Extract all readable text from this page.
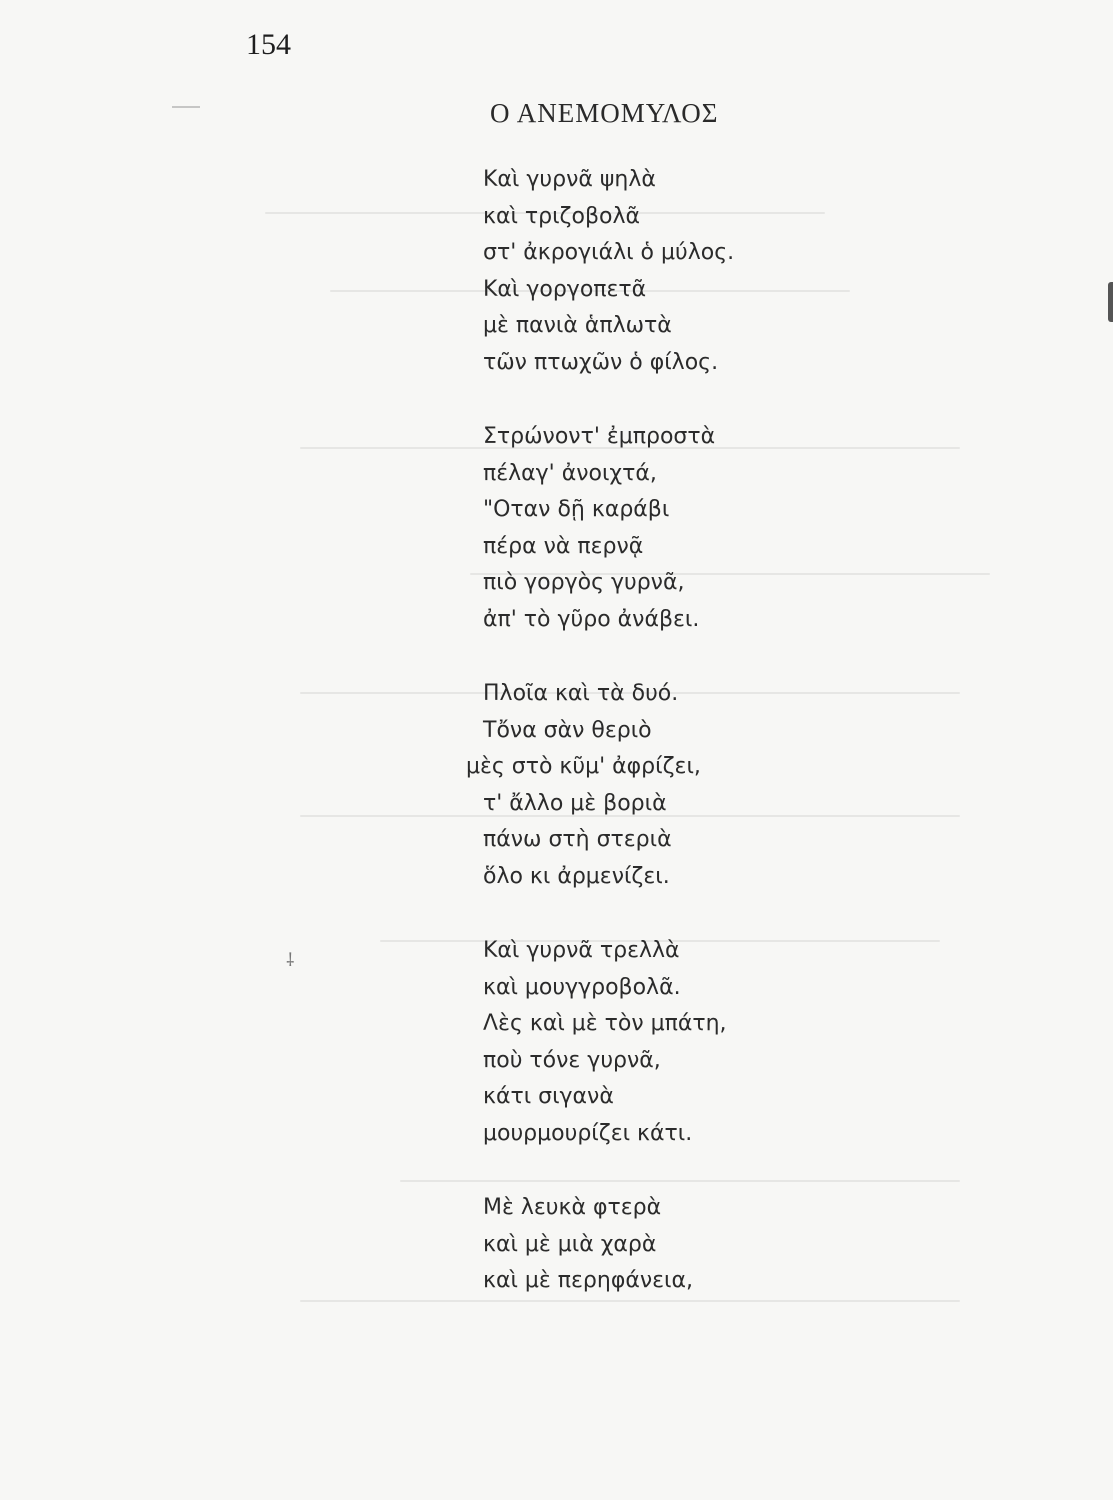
⸸
154
Ο ΑΝΕΜΟΜΥΛΟΣ
Καὶ γυρνᾶ ψηλὰ
καὶ τριζοβολᾶ
στ' ἀκρογιάλι ὁ μύλος.
Καὶ γοργοπετᾶ
μὲ πανιὰ ἁπλωτὰ
τῶν πτωχῶν ὁ φίλος.
Στρώνοντ' ἐμπροστὰ
πέλαγ' ἀνοιχτά,
"Οταν δῇ καράβι
πέρα νὰ περνᾷ
πιὸ γοργὸς γυρνᾶ,
ἀπ' τὸ γῦρο ἀνάβει.
Πλοῖα καὶ τὰ δυό.
Τὄνα σὰν θεριὸ
μὲς στὸ κῦμ' ἀφρίζει,
τ' ἄλλο μὲ βοριὰ
πάνω στὴ στεριὰ
ὅλο κι ἀρμενίζει.
Καὶ γυρνᾶ τρελλὰ
καὶ μουγγροβολᾶ.
Λὲς καὶ μὲ τὸν μπάτη,
ποὺ τόνε γυρνᾶ,
κάτι σιγανὰ
μουρμουρίζει κάτι.
Μὲ λευκὰ φτερὰ
καὶ μὲ μιὰ χαρὰ
καὶ μὲ περηφάνεια,
